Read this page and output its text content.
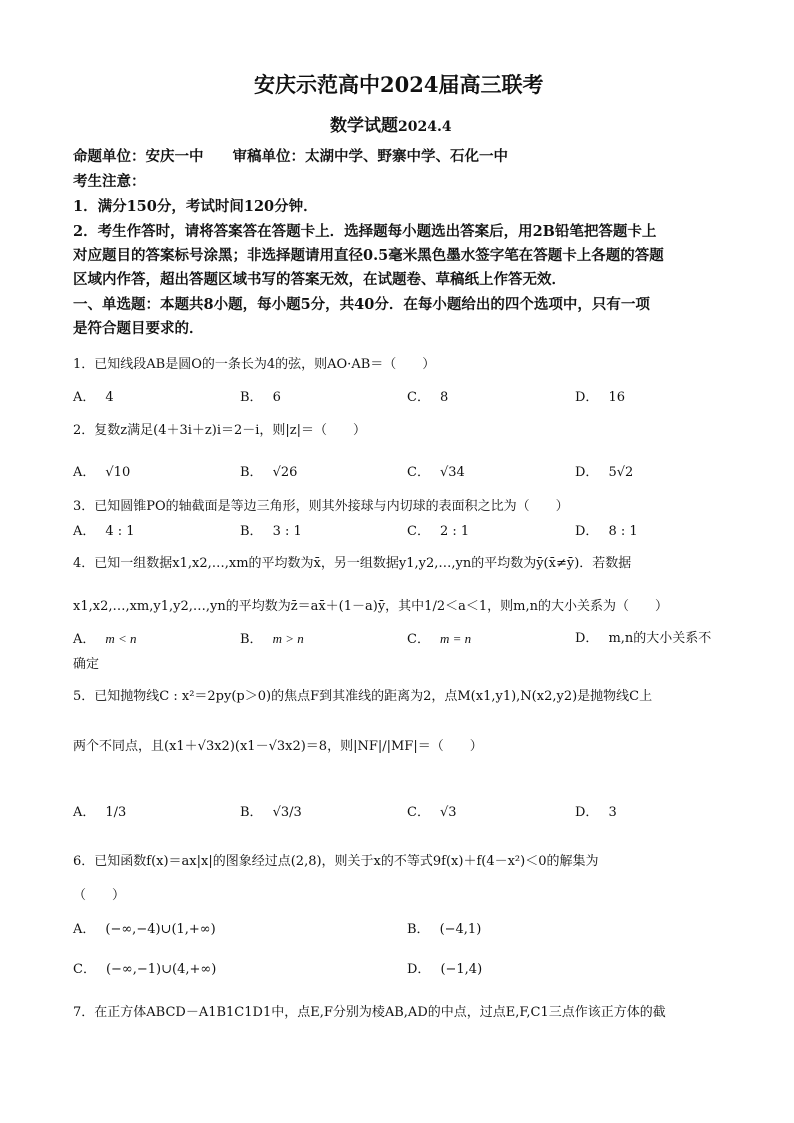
安庆示范高中2024届高三联考
数学试题2024.4
命题单位：安庆一中　　审稿单位：太湖中学、野寨中学、石化一中
考生注意：
1．满分150分，考试时间120分钟．
2．考生作答时，请将答案答在答题卡上．选择题每小题选出答案后，用2B铅笔把答题卡上
对应题目的答案标号涂黑；非选择题请用直径0.5毫米黑色墨水签字笔在答题卡上各题的答题
区域内作答，超出答题区域书写的答案无效，在试题卷、草稿纸上作答无效．
一、单选题：本题共8小题，每小题5分，共40分．在每小题给出的四个选项中，只有一项
是符合题目要求的．
1．已知线段AB是圆O的一条长为4的弦，则AO·AB＝（　　）
A． 4	B． 6	C． 8	D． 16
2．复数z满足(4＋3i＋z)i＝2－i，则|z|＝（　　）
A． √10	B． √26	C． √34	D． 5√2
3．已知圆锥PO的轴截面是等边三角形，则其外接球与内切球的表面积之比为（　　）
A． 4 : 1	B． 3 : 1	C． 2 : 1	D． 8 : 1
4．已知一组数据x1,x2,…,xm的平均数为x̄，另一组数据y1,y2,…,yn的平均数为ȳ(x̄≠ȳ)．若数据
x1,x2,…,xm,y1,y2,…,yn的平均数为z̄＝ax̄＋(1－a)ȳ，其中1/2＜a＜1，则m,n的大小关系为（　　）
A． m < n	B． m > n	C． m = n	D． m,n的大小关系不
确定
5．已知抛物线C : x²＝2py(p＞0)的焦点F到其准线的距离为2，点M(x1,y1),N(x2,y2)是抛物线C上
两个不同点，且(x1＋√3x2)(x1－√3x2)＝8，则|NF|/|MF|＝（　　）
A． 1/3	B． √3/3	C． √3	D． 3
6．已知函数f(x)＝ax|x|的图象经过点(2,8)，则关于x的不等式9f(x)＋f(4－x²)＜0的解集为
（　　）
A． (−∞,−4)∪(1,+∞)	B． (−4,1)
C． (−∞,−1)∪(4,+∞)	D． (−1,4)
7．在正方体ABCD－A1B1C1D1中，点E,F分别为棱AB,AD的中点，过点E,F,C1三点作该正方体的截
